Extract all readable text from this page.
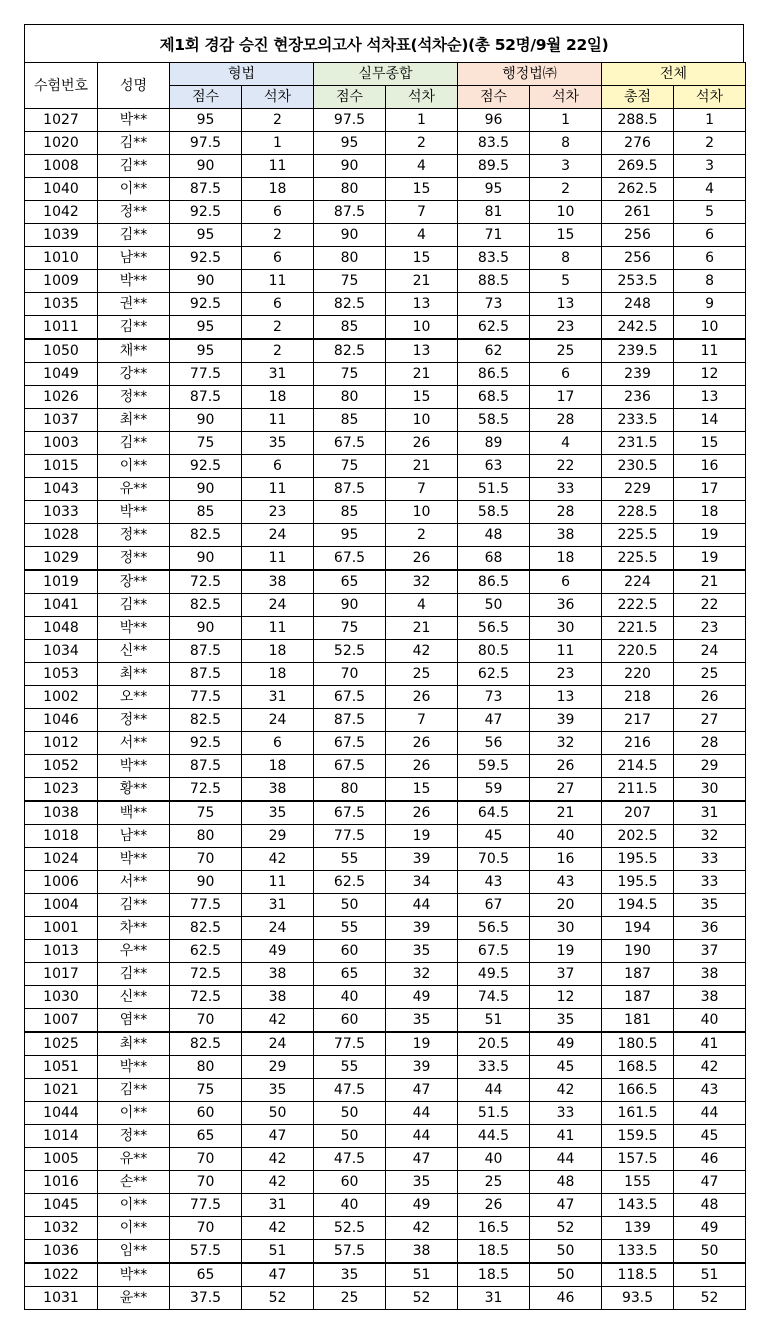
제1회 경감 승진 현장모의고사 석차표(석차순)(총 52명/9월 22일)
수험번호	성명	형법		실무종합		행정법㈜		전체	
		점수	석차	점수	석차	점수	석차	총점	석차
1027	박**	95	2	97.5	1	96	1	288.5	1
1020	김**	97.5	1	95	2	83.5	8	276	2
1008	김**	90	11	90	4	89.5	3	269.5	3
1040	이**	87.5	18	80	15	95	2	262.5	4
1042	정**	92.5	6	87.5	7	81	10	261	5
1039	김**	95	2	90	4	71	15	256	6
1010	남**	92.5	6	80	15	83.5	8	256	6
1009	박**	90	11	75	21	88.5	5	253.5	8
1035	권**	92.5	6	82.5	13	73	13	248	9
1011	김**	95	2	85	10	62.5	23	242.5	10
1050	채**	95	2	82.5	13	62	25	239.5	11
1049	강**	77.5	31	75	21	86.5	6	239	12
1026	정**	87.5	18	80	15	68.5	17	236	13
1037	최**	90	11	85	10	58.5	28	233.5	14
1003	김**	75	35	67.5	26	89	4	231.5	15
1015	이**	92.5	6	75	21	63	22	230.5	16
1043	유**	90	11	87.5	7	51.5	33	229	17
1033	박**	85	23	85	10	58.5	28	228.5	18
1028	정**	82.5	24	95	2	48	38	225.5	19
1029	정**	90	11	67.5	26	68	18	225.5	19
1019	장**	72.5	38	65	32	86.5	6	224	21
1041	김**	82.5	24	90	4	50	36	222.5	22
1048	박**	90	11	75	21	56.5	30	221.5	23
1034	신**	87.5	18	52.5	42	80.5	11	220.5	24
1053	최**	87.5	18	70	25	62.5	23	220	25
1002	오**	77.5	31	67.5	26	73	13	218	26
1046	정**	82.5	24	87.5	7	47	39	217	27
1012	서**	92.5	6	67.5	26	56	32	216	28
1052	박**	87.5	18	67.5	26	59.5	26	214.5	29
1023	황**	72.5	38	80	15	59	27	211.5	30
1038	백**	75	35	67.5	26	64.5	21	207	31
1018	남**	80	29	77.5	19	45	40	202.5	32
1024	박**	70	42	55	39	70.5	16	195.5	33
1006	서**	90	11	62.5	34	43	43	195.5	33
1004	김**	77.5	31	50	44	67	20	194.5	35
1001	차**	82.5	24	55	39	56.5	30	194	36
1013	우**	62.5	49	60	35	67.5	19	190	37
1017	김**	72.5	38	65	32	49.5	37	187	38
1030	신**	72.5	38	40	49	74.5	12	187	38
1007	염**	70	42	60	35	51	35	181	40
1025	최**	82.5	24	77.5	19	20.5	49	180.5	41
1051	박**	80	29	55	39	33.5	45	168.5	42
1021	김**	75	35	47.5	47	44	42	166.5	43
1044	이**	60	50	50	44	51.5	33	161.5	44
1014	정**	65	47	50	44	44.5	41	159.5	45
1005	유**	70	42	47.5	47	40	44	157.5	46
1016	손**	70	42	60	35	25	48	155	47
1045	이**	77.5	31	40	49	26	47	143.5	48
1032	이**	70	42	52.5	42	16.5	52	139	49
1036	임**	57.5	51	57.5	38	18.5	50	133.5	50
1022	박**	65	47	35	51	18.5	50	118.5	51
1031	윤**	37.5	52	25	52	31	46	93.5	52
